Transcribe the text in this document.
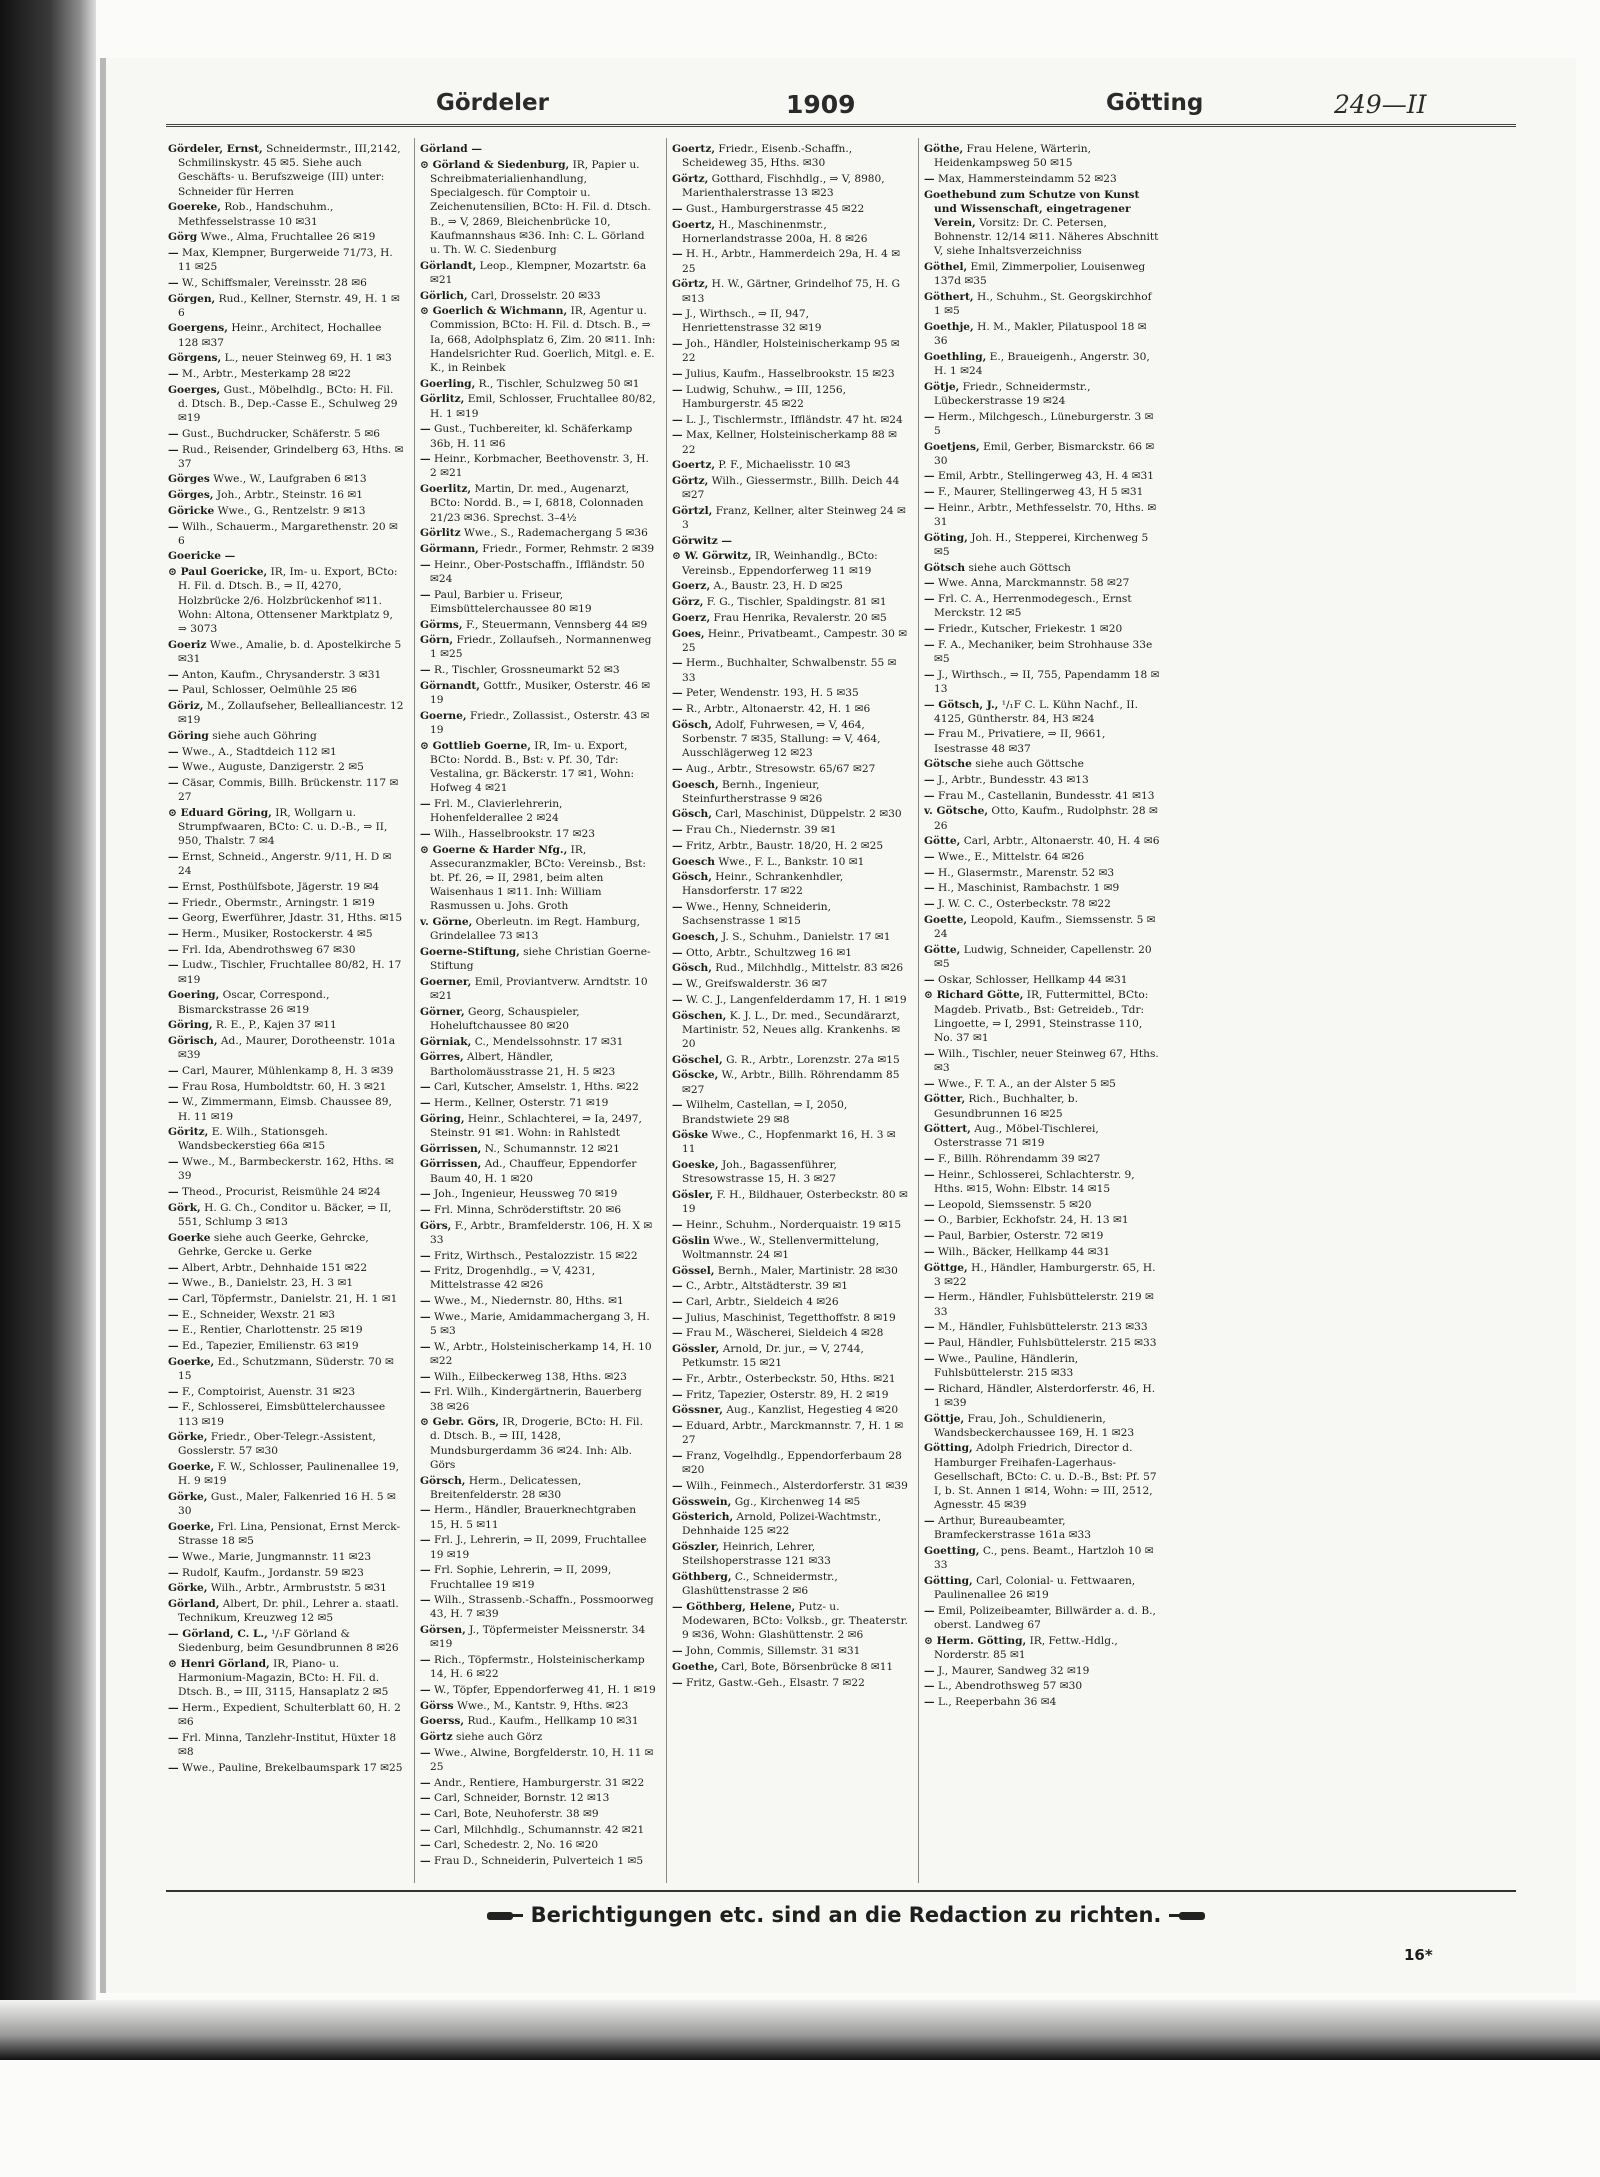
Gördeler	1909	Götting	249—II
Gördeler, Ernst, Schneidermstr., III,2142, Schmilinskystr. 45 ✉5. Siehe auch Geschäfts- u. Berufszweige (III) unter: Schneider für Herren
Goereke, Rob., Handschuhm., Methfesselstrasse 10 ✉31
Görg Wwe., Alma, Fruchtallee 26 ✉19
— Max, Klempner, Burgerweide 71/73, H. 11 ✉25
— W., Schiffsmaler, Vereinsstr. 28 ✉6
Görgen, Rud., Kellner, Sternstr. 49, H. 1 ✉6
Goergens, Heinr., Architect, Hochallee 128 ✉37
Görgens, L., neuer Steinweg 69, H. 1 ✉3
— M., Arbtr., Mesterkamp 28 ✉22
Goerges, Gust., Möbelhdlg., BCto: H. Fil. d. Dtsch. B., Dep.-Casse E., Schulweg 29 ✉19
— Gust., Buchdrucker, Schäferstr. 5 ✉6
— Rud., Reisender, Grindelberg 63, Hths. ✉37
Görges Wwe., W., Laufgraben 6 ✉13
Görges, Joh., Arbtr., Steinstr. 16 ✉1
Göricke Wwe., G., Rentzelstr. 9 ✉13
— Wilh., Schauerm., Margarethenstr. 20 ✉6
Goericke —
⊙ Paul Goericke, IR, Im- u. Export, BCto: H. Fil. d. Dtsch. B., ⇒ II, 4270, Holzbrücke 2/6. Holzbrückenhof ✉11. Wohn: Altona, Ottensener Marktplatz 9, ⇒ 3073
Goeriz Wwe., Amalie, b. d. Apostelkirche 5 ✉31
— Anton, Kaufm., Chrysanderstr. 3 ✉31
— Paul, Schlosser, Oelmühle 25 ✉6
Göriz, M., Zollaufseher, Bellealliancestr. 12 ✉19
Göring siehe auch Göhring
— Wwe., A., Stadtdeich 112 ✉1
— Wwe., Auguste, Danzigerstr. 2 ✉5
— Cäsar, Commis, Billh. Brückenstr. 117 ✉27
⊙ Eduard Göring, IR, Wollgarn u. Strumpfwaaren, BCto: C. u. D.-B., ⇒ II, 950, Thalstr. 7 ✉4
— Ernst, Schneid., Angerstr. 9/11, H. D ✉24
— Ernst, Posthülfsbote, Jägerstr. 19 ✉4
— Friedr., Obermstr., Arningstr. 1 ✉19
— Georg, Ewerführer, Jdastr. 31, Hths. ✉15
— Herm., Musiker, Rostockerstr. 4 ✉5
— Frl. Ida, Abendrothsweg 67 ✉30
— Ludw., Tischler, Fruchtallee 80/82, H. 17 ✉19
Goering, Oscar, Correspond., Bismarckstrasse 26 ✉19
Göring, R. E., P., Kajen 37 ✉11
Görisch, Ad., Maurer, Dorotheenstr. 101a ✉39
— Carl, Maurer, Mühlenkamp 8, H. 3 ✉39
— Frau Rosa, Humboldtstr. 60, H. 3 ✉21
— W., Zimmermann, Eimsb. Chaussee 89, H. 11 ✉19
Göritz, E. Wilh., Stationsgeh. Wandsbeckerstieg 66a ✉15
— Wwe., M., Barmbeckerstr. 162, Hths. ✉39
— Theod., Procurist, Reismühle 24 ✉24
Görk, H. G. Ch., Conditor u. Bäcker, ⇒ II, 551, Schlump 3 ✉13
Goerke siehe auch Geerke, Gehrcke, Gehrke, Gercke u. Gerke
— Albert, Arbtr., Dehnhaide 151 ✉22
— Wwe., B., Danielstr. 23, H. 3 ✉1
— Carl, Töpfermstr., Danielstr. 21, H. 1 ✉1
— E., Schneider, Wexstr. 21 ✉3
— E., Rentier, Charlottenstr. 25 ✉19
— Ed., Tapezier, Emilienstr. 63 ✉19
Goerke, Ed., Schutzmann, Süderstr. 70 ✉15
— F., Comptoirist, Auenstr. 31 ✉23
— F., Schlosserei, Eimsbüttelerchaussee 113 ✉19
Görke, Friedr., Ober-Telegr.-Assistent, Gosslerstr. 57 ✉30
Goerke, F. W., Schlosser, Paulinenallee 19, H. 9 ✉19
Görke, Gust., Maler, Falkenried 16 H. 5 ✉30
Goerke, Frl. Lina, Pensionat, Ernst Merck-Strasse 18 ✉5
— Wwe., Marie, Jungmannstr. 11 ✉23
— Rudolf, Kaufm., Jordanstr. 59 ✉23
Görke, Wilh., Arbtr., Armbruststr. 5 ✉31
Görland, Albert, Dr. phil., Lehrer a. staatl. Technikum, Kreuzweg 12 ✉5
— Görland, C. L., ¹/₁F Görland & Siedenburg, beim Gesundbrunnen 8 ✉26
⊙ Henri Görland, IR, Piano- u. Harmonium-Magazin, BCto: H. Fil. d. Dtsch. B., ⇒ III, 3115, Hansaplatz 2 ✉5
— Herm., Expedient, Schulterblatt 60, H. 2 ✉6
— Frl. Minna, Tanzlehr-Institut, Hüxter 18 ✉8
— Wwe., Pauline, Brekelbaumspark 17 ✉25
Görland —
⊙ Görland & Siedenburg, IR, Papier u. Schreibmaterialienhandlung, Specialgesch. für Comptoir u. Zeichenutensilien, BCto: H. Fil. d. Dtsch. B., ⇒ V, 2869, Bleichenbrücke 10, Kaufmannshaus ✉36. Inh: C. L. Görland u. Th. W. C. Siedenburg
Görlandt, Leop., Klempner, Mozartstr. 6a ✉21
Görlich, Carl, Drosselstr. 20 ✉33
⊙ Goerlich & Wichmann, IR, Agentur u. Commission, BCto: H. Fil. d. Dtsch. B., ⇒ Ia, 668, Adolphsplatz 6, Zim. 20 ✉11. Inh: Handelsrichter Rud. Goerlich, Mitgl. e. E. K., in Reinbek
Goerling, R., Tischler, Schulzweg 50 ✉1
Görlitz, Emil, Schlosser, Fruchtallee 80/82, H. 1 ✉19
— Gust., Tuchbereiter, kl. Schäferkamp 36b, H. 11 ✉6
— Heinr., Korbmacher, Beethovenstr. 3, H. 2 ✉21
Goerlitz, Martin, Dr. med., Augenarzt, BCto: Nordd. B., ⇒ I, 6818, Colonnaden 21/23 ✉36. Sprechst. 3–4½
Görlitz Wwe., S., Rademachergang 5 ✉36
Görmann, Friedr., Former, Rehmstr. 2 ✉39
— Heinr., Ober-Postschaffn., Iffländstr. 50 ✉24
— Paul, Barbier u. Friseur, Eimsbüttelerchaussee 80 ✉19
Görms, F., Steuermann, Vennsberg 44 ✉9
Görn, Friedr., Zollaufseh., Normannenweg 1 ✉25
— R., Tischler, Grossneumarkt 52 ✉3
Görnandt, Gottfr., Musiker, Osterstr. 46 ✉19
Goerne, Friedr., Zollassist., Osterstr. 43 ✉19
⊙ Gottlieb Goerne, IR, Im- u. Export, BCto: Nordd. B., Bst: v. Pf. 30, Tdr: Vestalina, gr. Bäckerstr. 17 ✉1, Wohn: Hofweg 4 ✉21
— Frl. M., Clavierlehrerin, Hohenfelderallee 2 ✉24
— Wilh., Hasselbrookstr. 17 ✉23
⊙ Goerne & Harder Nfg., IR, Assecuranzmakler, BCto: Vereinsb., Bst: bt. Pf. 26, ⇒ II, 2981, beim alten Waisenhaus 1 ✉11. Inh: William Rasmussen u. Johs. Groth
v. Görne, Oberleutn. im Regt. Hamburg, Grindelallee 73 ✉13
Goerne-Stiftung, siehe Christian Goerne-Stiftung
Goerner, Emil, Proviantverw. Arndtstr. 10 ✉21
Görner, Georg, Schauspieler, Hoheluftchaussee 80 ✉20
Görniak, C., Mendelssohnstr. 17 ✉31
Görres, Albert, Händler, Bartholomäusstrasse 21, H. 5 ✉23
— Carl, Kutscher, Amselstr. 1, Hths. ✉22
— Herm., Kellner, Osterstr. 71 ✉19
Göring, Heinr., Schlachterei, ⇒ Ia, 2497, Steinstr. 91 ✉1. Wohn: in Rahlstedt
Görrissen, N., Schumannstr. 12 ✉21
Görrissen, Ad., Chauffeur, Eppendorfer Baum 40, H. 1 ✉20
— Joh., Ingenieur, Heussweg 70 ✉19
— Frl. Minna, Schröderstiftstr. 20 ✉6
Görs, F., Arbtr., Bramfelderstr. 106, H. X ✉33
— Fritz, Wirthsch., Pestalozzistr. 15 ✉22
— Fritz, Drogenhdlg., ⇒ V, 4231, Mittelstrasse 42 ✉26
— Wwe., M., Niedernstr. 80, Hths. ✉1
— Wwe., Marie, Amidammachergang 3, H. 5 ✉3
— W., Arbtr., Holsteinischerkamp 14, H. 10 ✉22
— Wilh., Eilbeckerweg 138, Hths. ✉23
— Frl. Wilh., Kindergärtnerin, Bauerberg 38 ✉26
⊙ Gebr. Görs, IR, Drogerie, BCto: H. Fil. d. Dtsch. B., ⇒ III, 1428, Mundsburgerdamm 36 ✉24. Inh: Alb. Görs
Görsch, Herm., Delicatessen, Breitenfelderstr. 28 ✉30
— Herm., Händler, Brauerknechtgraben 15, H. 5 ✉11
— Frl. J., Lehrerin, ⇒ II, 2099, Fruchtallee 19 ✉19
— Frl. Sophie, Lehrerin, ⇒ II, 2099, Fruchtallee 19 ✉19
— Wilh., Strassenb.-Schaffn., Possmoorweg 43, H. 7 ✉39
Görsen, J., Töpfermeister Meissnerstr. 34 ✉19
— Rich., Töpfermstr., Holsteinischerkamp 14, H. 6 ✉22
— W., Töpfer, Eppendorferweg 41, H. 1 ✉19
Görss Wwe., M., Kantstr. 9, Hths. ✉23
Goerss, Rud., Kaufm., Hellkamp 10 ✉31
Görtz siehe auch Görz
— Wwe., Alwine, Borgfelderstr. 10, H. 11 ✉25
— Andr., Rentiere, Hamburgerstr. 31 ✉22
— Carl, Schneider, Bornstr. 12 ✉13
— Carl, Bote, Neuhoferstr. 38 ✉9
— Carl, Milchhdlg., Schumannstr. 42 ✉21
— Carl, Schedestr. 2, No. 16 ✉20
— Frau D., Schneiderin, Pulverteich 1 ✉5
Goertz, Friedr., Eisenb.-Schaffn., Scheideweg 35, Hths. ✉30
Görtz, Gotthard, Fischhdlg., ⇒ V, 8980, Marienthalerstrasse 13 ✉23
— Gust., Hamburgerstrasse 45 ✉22
Goertz, H., Maschinenmstr., Hornerlandstrasse 200a, H. 8 ✉26
— H. H., Arbtr., Hammerdeich 29a, H. 4 ✉25
Görtz, H. W., Gärtner, Grindelhof 75, H. G ✉13
— J., Wirthsch., ⇒ II, 947, Henriettenstrasse 32 ✉19
— Joh., Händler, Holsteinischerkamp 95 ✉22
— Julius, Kaufm., Hasselbrookstr. 15 ✉23
— Ludwig, Schuhw., ⇒ III, 1256, Hamburgerstr. 45 ✉22
— L. J., Tischlermstr., Iffländstr. 47 ht. ✉24
— Max, Kellner, Holsteinischerkamp 88 ✉22
Goertz, P. F., Michaelisstr. 10 ✉3
Görtz, Wilh., Giessermstr., Billh. Deich 44 ✉27
Görtzl, Franz, Kellner, alter Steinweg 24 ✉3
Görwitz —
⊙ W. Görwitz, IR, Weinhandlg., BCto: Vereinsb., Eppendorferweg 11 ✉19
Goerz, A., Baustr. 23, H. D ✉25
Görz, F. G., Tischler, Spaldingstr. 81 ✉1
Goerz, Frau Henrika, Revalerstr. 20 ✉5
Goes, Heinr., Privatbeamt., Campestr. 30 ✉25
— Herm., Buchhalter, Schwalbenstr. 55 ✉33
— Peter, Wendenstr. 193, H. 5 ✉35
— R., Arbtr., Altonaerstr. 42, H. 1 ✉6
Gösch, Adolf, Fuhrwesen, ⇒ V, 464, Sorbenstr. 7 ✉35, Stallung: ⇒ V, 464, Ausschlägerweg 12 ✉23
— Aug., Arbtr., Stresowstr. 65/67 ✉27
Goesch, Bernh., Ingenieur, Steinfurtherstrasse 9 ✉26
Gösch, Carl, Maschinist, Düppelstr. 2 ✉30
— Frau Ch., Niedernstr. 39 ✉1
— Fritz, Arbtr., Baustr. 18/20, H. 2 ✉25
Goesch Wwe., F. L., Bankstr. 10 ✉1
Gösch, Heinr., Schrankenhdler, Hansdorferstr. 17 ✉22
— Wwe., Henny, Schneiderin, Sachsenstrasse 1 ✉15
Goesch, J. S., Schuhm., Danielstr. 17 ✉1
— Otto, Arbtr., Schultzweg 16 ✉1
Gösch, Rud., Milchhdlg., Mittelstr. 83 ✉26
— W., Greifswalderstr. 36 ✉7
— W. C. J., Langenfelderdamm 17, H. 1 ✉19
Göschen, K. J. L., Dr. med., Secundärarzt, Martinistr. 52, Neues allg. Krankenhs. ✉20
Göschel, G. R., Arbtr., Lorenzstr. 27a ✉15
Göscke, W., Arbtr., Billh. Röhrendamm 85 ✉27
— Wilhelm, Castellan, ⇒ I, 2050, Brandstwiete 29 ✉8
Göske Wwe., C., Hopfenmarkt 16, H. 3 ✉11
Goeske, Joh., Bagassenführer, Stresowstrasse 15, H. 3 ✉27
Gösler, F. H., Bildhauer, Osterbeckstr. 80 ✉19
— Heinr., Schuhm., Norderquaistr. 19 ✉15
Göslin Wwe., W., Stellenvermittelung, Woltmannstr. 24 ✉1
Gössel, Bernh., Maler, Martinistr. 28 ✉30
— C., Arbtr., Altstädterstr. 39 ✉1
— Carl, Arbtr., Sieldeich 4 ✉26
— Julius, Maschinist, Tegetthoffstr. 8 ✉19
— Frau M., Wäscherei, Sieldeich 4 ✉28
Gössler, Arnold, Dr. jur., ⇒ V, 2744, Petkumstr. 15 ✉21
— Fr., Arbtr., Osterbeckstr. 50, Hths. ✉21
— Fritz, Tapezier, Osterstr. 89, H. 2 ✉19
Gössner, Aug., Kanzlist, Hegestieg 4 ✉20
— Eduard, Arbtr., Marckmannstr. 7, H. 1 ✉27
— Franz, Vogelhdlg., Eppendorferbaum 28 ✉20
— Wilh., Feinmech., Alsterdorferstr. 31 ✉39
Gösswein, Gg., Kirchenweg 14 ✉5
Gösterich, Arnold, Polizei-Wachtmstr., Dehnhaide 125 ✉22
Göszler, Heinrich, Lehrer, Steilshoperstrasse 121 ✉33
Göthberg, C., Schneidermstr., Glashüttenstrasse 2 ✉6
— Göthberg, Helene, Putz- u. Modewaren, BCto: Volksb., gr. Theaterstr. 9 ✉36, Wohn: Glashüttenstr. 2 ✉6
— John, Commis, Sillemstr. 31 ✉31
Goethe, Carl, Bote, Börsenbrücke 8 ✉11
— Fritz, Gastw.-Geh., Elsastr. 7 ✉22
Göthe, Frau Helene, Wärterin, Heidenkampsweg 50 ✉15
— Max, Hammersteindamm 52 ✉23
Goethebund zum Schutze von Kunst und Wissenschaft, eingetragener Verein, Vorsitz: Dr. C. Petersen, Bohnenstr. 12/14 ✉11. Näheres Abschnitt V, siehe Inhaltsverzeichniss
Göthel, Emil, Zimmerpolier, Louisenweg 137d ✉35
Göthert, H., Schuhm., St. Georgskirchhof 1 ✉5
Goethje, H. M., Makler, Pilatuspool 18 ✉36
Goethling, E., Braueigenh., Angerstr. 30, H. 1 ✉24
Götje, Friedr., Schneidermstr., Lübeckerstrasse 19 ✉24
— Herm., Milchgesch., Lüneburgerstr. 3 ✉5
Goetjens, Emil, Gerber, Bismarckstr. 66 ✉30
— Emil, Arbtr., Stellingerweg 43, H. 4 ✉31
— F., Maurer, Stellingerweg 43, H 5 ✉31
— Heinr., Arbtr., Methfesselstr. 70, Hths. ✉31
Göting, Joh. H., Stepperei, Kirchenweg 5 ✉5
Götsch siehe auch Göttsch
— Wwe. Anna, Marckmannstr. 58 ✉27
— Frl. C. A., Herrenmodegesch., Ernst Merckstr. 12 ✉5
— Friedr., Kutscher, Friekestr. 1 ✉20
— F. A., Mechaniker, beim Strohhause 33e ✉5
— J., Wirthsch., ⇒ II, 755, Papendamm 18 ✉13
— Götsch, J., ¹/₁F C. L. Kühn Nachf., II. 4125, Güntherstr. 84, H3 ✉24
— Frau M., Privatiere, ⇒ II, 9661, Isestrasse 48 ✉37
Götsche siehe auch Göttsche
— J., Arbtr., Bundesstr. 43 ✉13
— Frau M., Castellanin, Bundesstr. 41 ✉13
v. Götsche, Otto, Kaufm., Rudolphstr. 28 ✉26
Götte, Carl, Arbtr., Altonaerstr. 40, H. 4 ✉6
— Wwe., E., Mittelstr. 64 ✉26
— H., Glasermstr., Marenstr. 52 ✉3
— H., Maschinist, Rambachstr. 1 ✉9
— J. W. C. C., Osterbeckstr. 78 ✉22
Goette, Leopold, Kaufm., Siemssenstr. 5 ✉24
Götte, Ludwig, Schneider, Capellenstr. 20 ✉5
— Oskar, Schlosser, Hellkamp 44 ✉31
⊙ Richard Götte, IR, Futtermittel, BCto: Magdeb. Privatb., Bst: Getreideb., Tdr: Lingoette, ⇒ I, 2991, Steinstrasse 110, No. 37 ✉1
— Wilh., Tischler, neuer Steinweg 67, Hths. ✉3
— Wwe., F. T. A., an der Alster 5 ✉5
Götter, Rich., Buchhalter, b. Gesundbrunnen 16 ✉25
Göttert, Aug., Möbel-Tischlerei, Osterstrasse 71 ✉19
— F., Billh. Röhrendamm 39 ✉27
— Heinr., Schlosserei, Schlachterstr. 9, Hths. ✉15, Wohn: Elbstr. 14 ✉15
— Leopold, Siemssenstr. 5 ✉20
— O., Barbier, Eckhofstr. 24, H. 13 ✉1
— Paul, Barbier, Osterstr. 72 ✉19
— Wilh., Bäcker, Hellkamp 44 ✉31
Göttge, H., Händler, Hamburgerstr. 65, H. 3 ✉22
— Herm., Händler, Fuhlsbüttelerstr. 219 ✉33
— M., Händler, Fuhlsbüttelerstr. 213 ✉33
— Paul, Händler, Fuhlsbüttelerstr. 215 ✉33
— Wwe., Pauline, Händlerin, Fuhlsbüttelerstr. 215 ✉33
— Richard, Händler, Alsterdorferstr. 46, H. 1 ✉39
Göttje, Frau, Joh., Schuldienerin, Wandsbeckerchaussee 169, H. 1 ✉23
Götting, Adolph Friedrich, Director d. Hamburger Freihafen-Lagerhaus-Gesellschaft, BCto: C. u. D.-B., Bst: Pf. 57 I, b. St. Annen 1 ✉14, Wohn: ⇒ III, 2512, Agnesstr. 45 ✉39
— Arthur, Bureaubeamter, Bramfeckerstrasse 161a ✉33
Goetting, C., pens. Beamt., Hartzloh 10 ✉33
Götting, Carl, Colonial- u. Fettwaaren, Paulinenallee 26 ✉19
— Emil, Polizeibeamter, Billwärder a. d. B., oberst. Landweg 67
⊙ Herm. Götting, IR, Fettw.-Hdlg., Norderstr. 85 ✉1
— J., Maurer, Sandweg 32 ✉19
— L., Abendrothsweg 57 ✉30
— L., Reeperbahn 36 ✉4
Berichtigungen etc. sind an die Redaction zu richten.
16*
